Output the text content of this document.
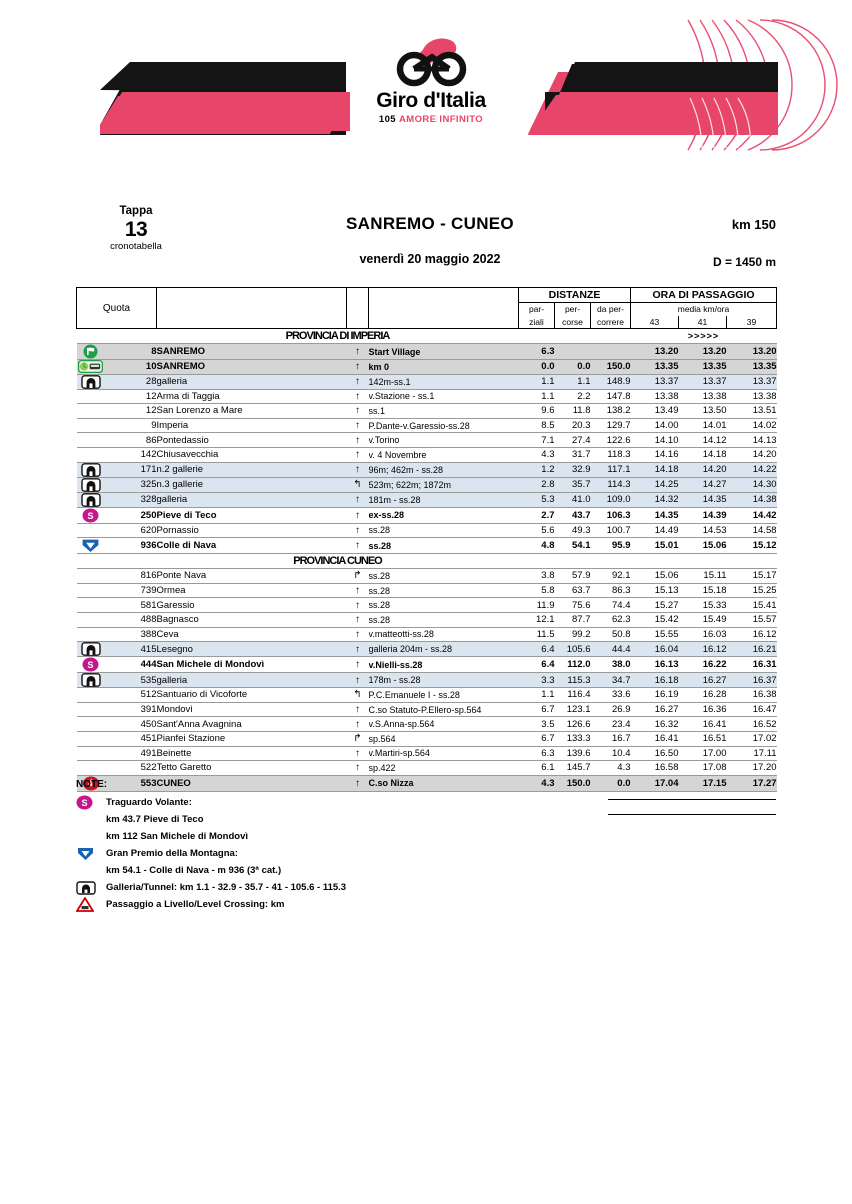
Giro d'Italia
105 AMORE INFINITO
Tappa
13
cronotabella
SANREMO - CUNEO
venerdì 20 maggio 2022
km 150
D = 1450 m
Quota					DISTANZE			ORA DI PASSAGGIO		
					par-	per-	da per-	media km/ora		
					ziali	corse	correre	43	41	39
		PROVINCIA DI IMPERIA						>>>>>		
	8	SANREMO	↑	Start Village	6.3			13.20	13.20	13.20
	10	SANREMO	↑	km 0	0.0	0.0	150.0	13.35	13.35	13.35
	28	galleria	↑	142m-ss.1	1.1	1.1	148.9	13.37	13.37	13.37
	12	Arma di Taggia	↑	v.Stazione - ss.1	1.1	2.2	147.8	13.38	13.38	13.38
	12	San Lorenzo a Mare	↑	ss.1	9.6	11.8	138.2	13.49	13.50	13.51
	9	Imperia	↑	P.Dante-v.Garessio-ss.28	8.5	20.3	129.7	14.00	14.01	14.02
	86	Pontedassio	↑	v.Torino	7.1	27.4	122.6	14.10	14.12	14.13
	142	Chiusavecchia	↑	v. 4 Novembre	4.3	31.7	118.3	14.16	14.18	14.20
	171	n.2 gallerie	↑	96m; 462m - ss.28	1.2	32.9	117.1	14.18	14.20	14.22
	325	n.3 gallerie	↰	523m; 622m; 1872m	2.8	35.7	114.3	14.25	14.27	14.30
	328	galleria	↑	181m - ss.28	5.3	41.0	109.0	14.32	14.35	14.38

S	250	Pieve di Teco	↑	ex-ss.28	2.7	43.7	106.3	14.35	14.39	14.42
	620	Pornassio	↑	ss.28	5.6	49.3	100.7	14.49	14.53	14.58
	936	Colle di Nava	↑	ss.28	4.8	54.1	95.9	15.01	15.06	15.12
		PROVINCIA CUNEO								
	816	Ponte Nava	↱	ss.28	3.8	57.9	92.1	15.06	15.11	15.17
	739	Ormea	↑	ss.28	5.8	63.7	86.3	15.13	15.18	15.25
	581	Garessio	↑	ss.28	11.9	75.6	74.4	15.27	15.33	15.41
	488	Bagnasco	↑	ss.28	12.1	87.7	62.3	15.42	15.49	15.57
	388	Ceva	↑	v.matteotti-ss.28	11.5	99.2	50.8	15.55	16.03	16.12
	415	Lesegno	↑	galleria 204m - ss.28	6.4	105.6	44.4	16.04	16.12	16.21

S	444	San Michele di Mondovì	↑	v.Nielli-ss.28	6.4	112.0	38.0	16.13	16.22	16.31
	535	galleria	↑	178m - ss.28	3.3	115.3	34.7	16.18	16.27	16.37
	512	Santuario di Vicoforte	↰	P.C.Emanuele I - ss.28	1.1	116.4	33.6	16.19	16.28	16.38
	391	Mondovì	↑	C.so Statuto-P.Ellero-sp.564	6.7	123.1	26.9	16.27	16.36	16.47
	450	Sant'Anna Avagnina	↑	v.S.Anna-sp.564	3.5	126.6	23.4	16.32	16.41	16.52
	451	Pianfei Stazione	↱	sp.564	6.7	133.3	16.7	16.41	16.51	17.02
	491	Beinette	↑	v.Martiri-sp.564	6.3	139.6	10.4	16.50	17.00	17.11
	522	Tetto Garetto	↑	sp.422	6.1	145.7	4.3	16.58	17.08	17.20
	553	CUNEO	↑	C.so Nizza	4.3	150.0	0.0	17.04	17.15	17.27
NOTE:
S Traguardo Volante:
km 43.7 Pieve di Teco
km 112 San Michele di Mondovì
Gran Premio della Montagna:
km 54.1 - Colle di Nava - m 936 (3ª cat.)
Galleria/Tunnel: km 1.1 - 32.9 - 35.7 - 41 - 105.6 - 115.3
Passaggio a Livello/Level Crossing: km
